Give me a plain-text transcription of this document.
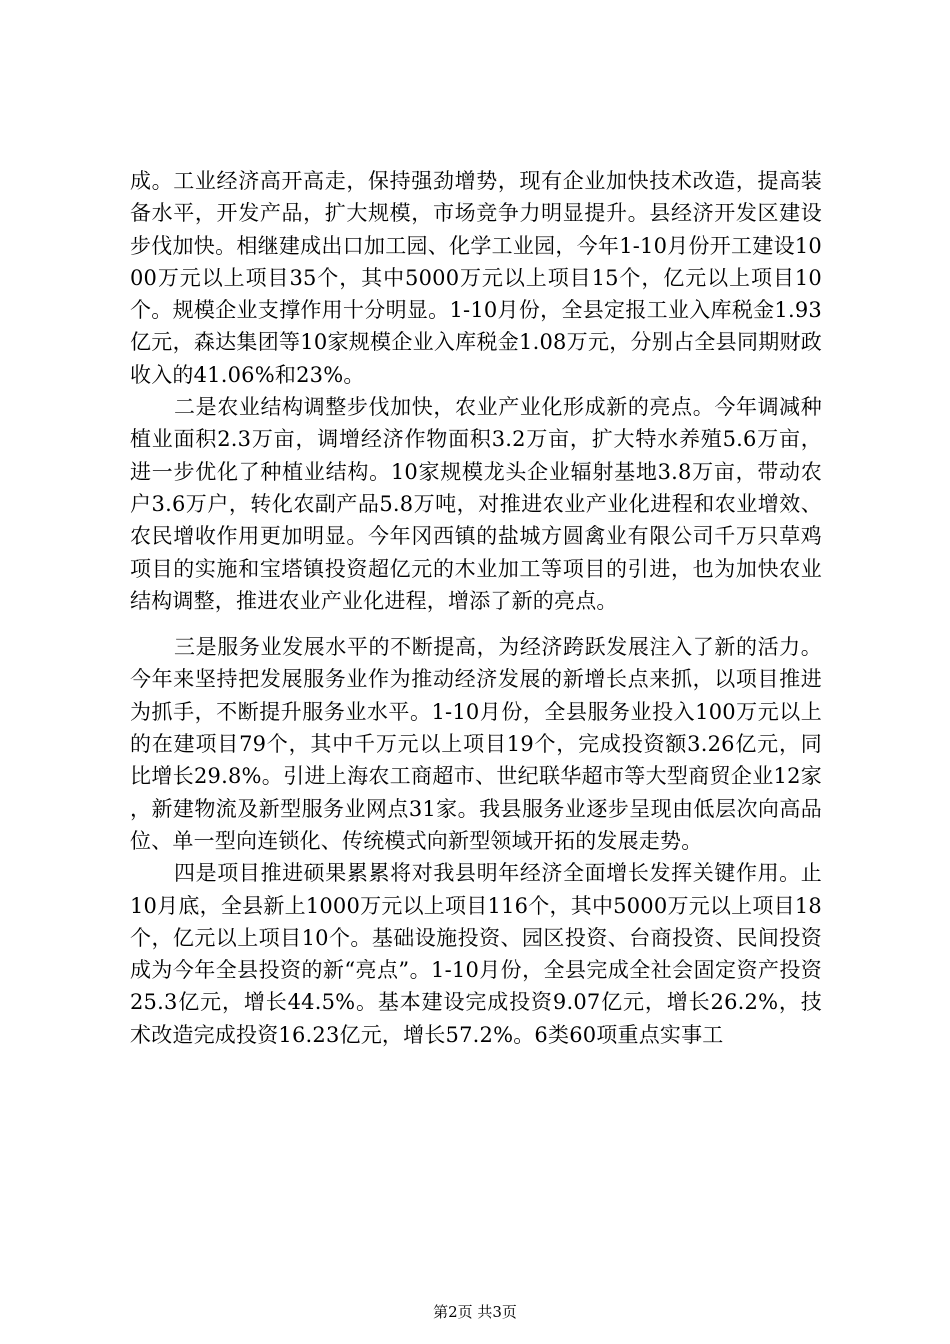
成。工业经济高开高走，保持强劲增势，现有企业加快技术改造，提高装备水平，开发产品，扩大规模，市场竞争力明显提升。县经济开发区建设步伐加快。相继建成出口加工园、化学工业园，今年1-10月份开工建设1000万元以上项目35个，其中5000万元以上项目15个，亿元以上项目10个。规模企业支撑作用十分明显。1-10月份，全县定报工业入库税金1.93亿元，森达集团等10家规模企业入库税金1.08万元，分别占全县同期财政收入的41.06%和23%。

二是农业结构调整步伐加快，农业产业化形成新的亮点。今年调减种植业面积2.3万亩，调增经济作物面积3.2万亩，扩大特水养殖5.6万亩，进一步优化了种植业结构。10家规模龙头企业辐射基地3.8万亩，带动农户3.6万户，转化农副产品5.8万吨，对推进农业产业化进程和农业增效、农民增收作用更加明显。今年冈西镇的盐城方圆禽业有限公司千万只草鸡项目的实施和宝塔镇投资超亿元的木业加工等项目的引进，也为加快农业结构调整，推进农业产业化进程，增添了新的亮点。

三是服务业发展水平的不断提高，为经济跨跃发展注入了新的活力。今年来坚持把发展服务业作为推动经济发展的新增长点来抓，以项目推进为抓手，不断提升服务业水平。1-10月份，全县服务业投入100万元以上的在建项目79个，其中千万元以上项目19个，完成投资额3.26亿元，同比增长29.8%。引进上海农工商超市、世纪联华超市等大型商贸企业12家，新建物流及新型服务业网点31家。我县服务业逐步呈现由低层次向高品位、单一型向连锁化、传统模式向新型领域开拓的发展走势。

四是项目推进硕果累累将对我县明年经济全面增长发挥关键作用。止10月底，全县新上1000万元以上项目116个，其中5000万元以上项目18个，亿元以上项目10个。基础设施投资、园区投资、台商投资、民间投资成为今年全县投资的新“亮点”。1-10月份，全县完成全社会固定资产投资25.3亿元，增长44.5%。基本建设完成投资9.07亿元，增长26.2%，技术改造完成投资16.23亿元，增长57.2%。6类60项重点实事工

第2页 共3页
